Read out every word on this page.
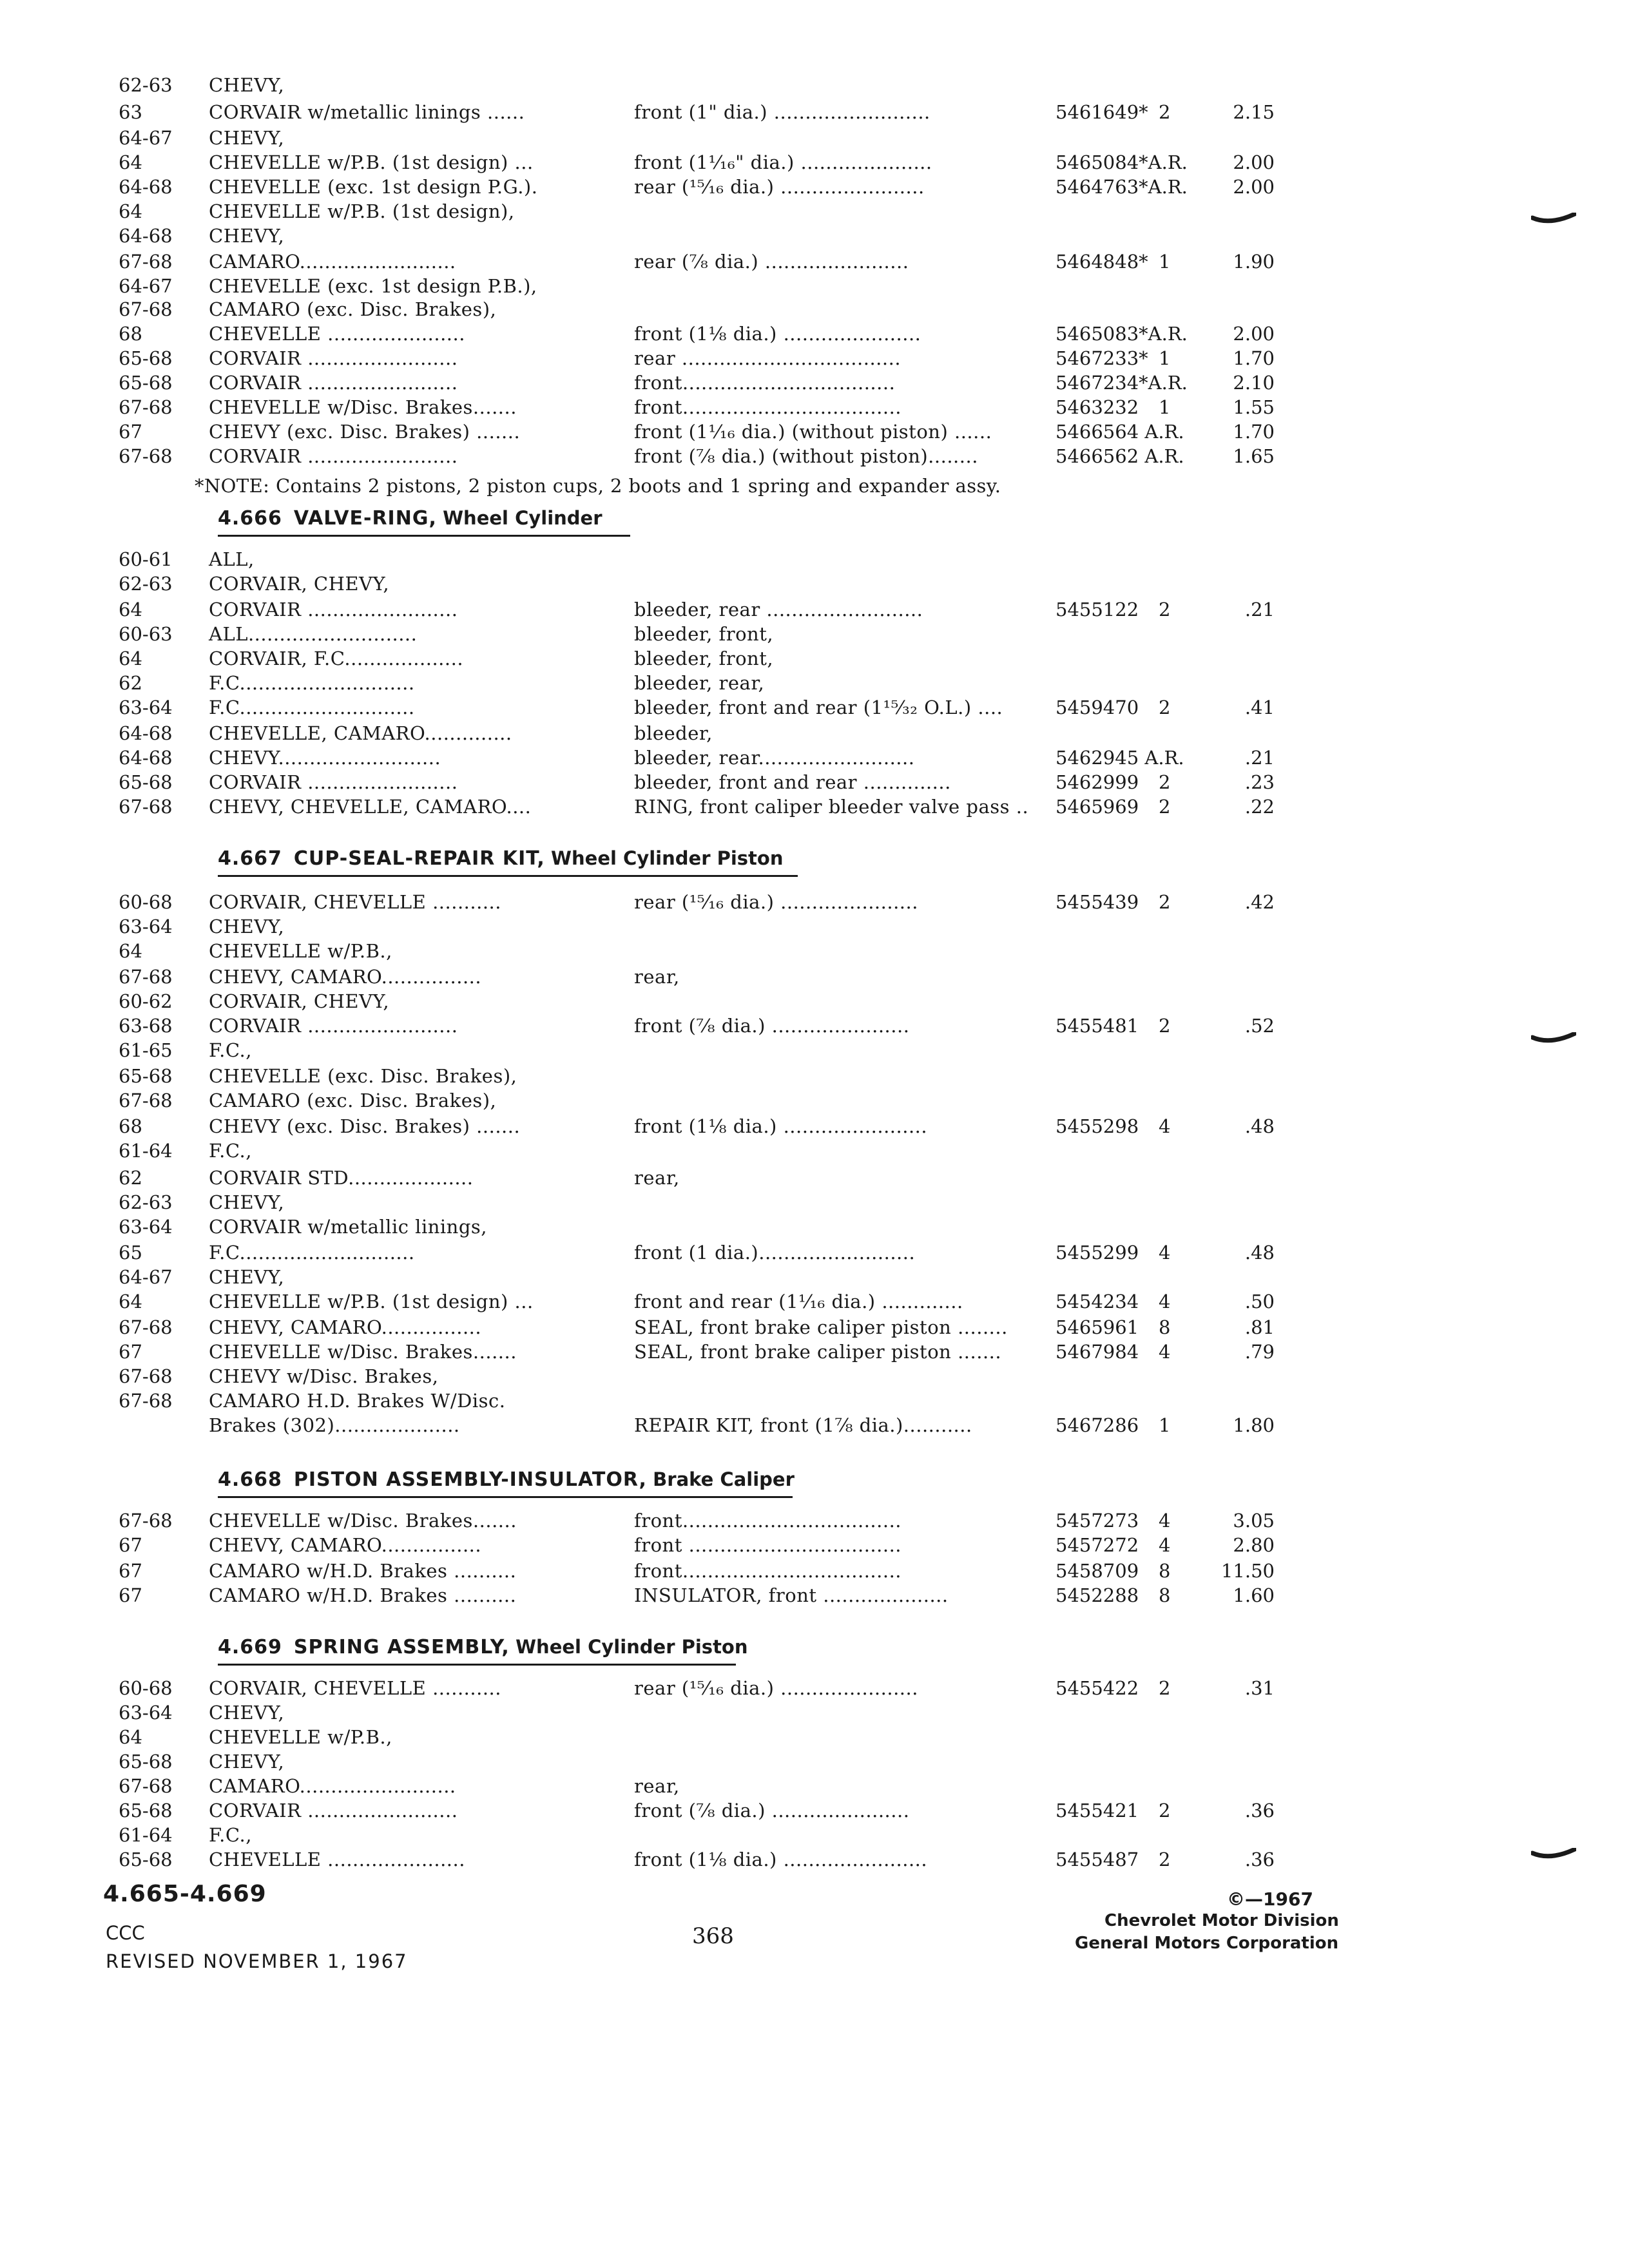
62-63 CHEVY,
63	CORVAIR w/metallic linings ......	front (1" dia.) .........................	5461649* 2	2.15
64-67 CHEVY,
64	CHEVELLE w/P.B. (1st design) ...	front (1¹⁄₁₆" dia.) .....................	5465084*A.R. 2.00
64-68 CHEVELLE (exc. 1st design P.G.).	rear (¹⁵⁄₁₆ dia.) .......................	5464763*A.R. 2.00
64	CHEVELLE w/P.B. (1st design),
64-68 CHEVY,
67-68 CAMARO.........................	rear (⁷⁄₈ dia.) .......................	5464848* 1	1.90
64-67 CHEVELLE (exc. 1st design P.B.),
67-68 CAMARO (exc. Disc. Brakes),
68	CHEVELLE ......................	front (1⅛ dia.) ......................	5465083*A.R. 2.00
65-68 CORVAIR ........................	rear ...................................	5467233* 1	1.70
65-68 CORVAIR ........................	front..................................	5467234*A.R. 2.10
67-68 CHEVELLE w/Disc. Brakes.......	front...................................	5463232 1	1.55
67	CHEVY (exc. Disc. Brakes) .......	front (1¹⁄₁₆ dia.) (without piston) ......	5466564 A.R.	1.70
67-68 CORVAIR ........................	front (⁷⁄₈ dia.) (without piston)........	5466562 A.R.	1.65
*NOTE: Contains 2 pistons, 2 piston cups, 2 boots and 1 spring and expander assy.
4.666 VALVE-RING, Wheel Cylinder
60-61 ALL,
62-63 CORVAIR, CHEVY,
64	CORVAIR ........................	bleeder, rear .........................	5455122 2	.21
60-63 ALL...........................	bleeder, front,
64	CORVAIR, F.C...................	bleeder, front,
62	F.C............................	bleeder, rear,
63-64 F.C............................	bleeder, front and rear (1¹⁵⁄₃₂ O.L.) ....	5459470 2	.41
64-68 CHEVELLE, CAMARO..............	bleeder,
64-68 CHEVY..........................	bleeder, rear.........................	5462945 A.R.	.21
65-68 CORVAIR ........................	bleeder, front and rear ..............	5462999 2	.23
67-68 CHEVY, CHEVELLE, CAMARO....	RING, front caliper bleeder valve pass .. 5465969 2	.22
4.667 CUP-SEAL-REPAIR KIT, Wheel Cylinder Piston
60-68 CORVAIR, CHEVELLE ...........	rear (¹⁵⁄₁₆ dia.) ......................	5455439 2	.42
63-64 CHEVY,
64	CHEVELLE w/P.B.,
67-68 CHEVY, CAMARO................	rear,
60-62 CORVAIR, CHEVY,
63-68 CORVAIR ........................	front (⁷⁄₈ dia.) ......................	5455481 2	.52
61-65 F.C.,
65-68 CHEVELLE (exc. Disc. Brakes),
67-68 CAMARO (exc. Disc. Brakes),
68	CHEVY (exc. Disc. Brakes) .......	front (1⅛ dia.) .......................	5455298 4	.48
61-64 F.C.,
62	CORVAIR STD....................	rear,
62-63 CHEVY,
63-64 CORVAIR w/metallic linings,
65	F.C............................	front (1 dia.).........................	5455299 4	.48
64-67 CHEVY,
64	CHEVELLE w/P.B. (1st design) ...	front and rear (1¹⁄₁₆ dia.) .............	5454234 4	.50
67-68 CHEVY, CAMARO................	SEAL, front brake caliper piston ........	5465961 8	.81
67	CHEVELLE w/Disc. Brakes.......	SEAL, front brake caliper piston .......	5467984 4	.79
67-68 CHEVY w/Disc. Brakes,
67-68 CAMARO H.D. Brakes W/Disc.
Brakes (302)....................	REPAIR KIT, front (1⅞ dia.)...........	5467286 1	1.80
4.668 PISTON ASSEMBLY-INSULATOR, Brake Caliper
67-68 CHEVELLE w/Disc. Brakes.......	front...................................	5457273 4	3.05
67	CHEVY, CAMARO................	front ..................................	5457272 4	2.80
67	CAMARO w/H.D. Brakes ..........	front...................................	5458709 8	11.50
67	CAMARO w/H.D. Brakes ..........	INSULATOR, front ....................	5452288 8	1.60
4.669 SPRING ASSEMBLY, Wheel Cylinder Piston
60-68 CORVAIR, CHEVELLE ...........	rear (¹⁵⁄₁₆ dia.) ......................	5455422 2	.31
63-64 CHEVY,
64	CHEVELLE w/P.B.,
65-68 CHEVY,
67-68 CAMARO.........................	rear,
65-68 CORVAIR ........................	front (⁷⁄₈ dia.) ......................	5455421 2	.36
61-64 F.C.,
65-68 CHEVELLE ......................	front (1⅛ dia.) .......................	5455487 2	.36
4.665-4.669
CCC
REVISED NOVEMBER 1, 1967
368
©—1967
Chevrolet Motor Division
General Motors Corporation
